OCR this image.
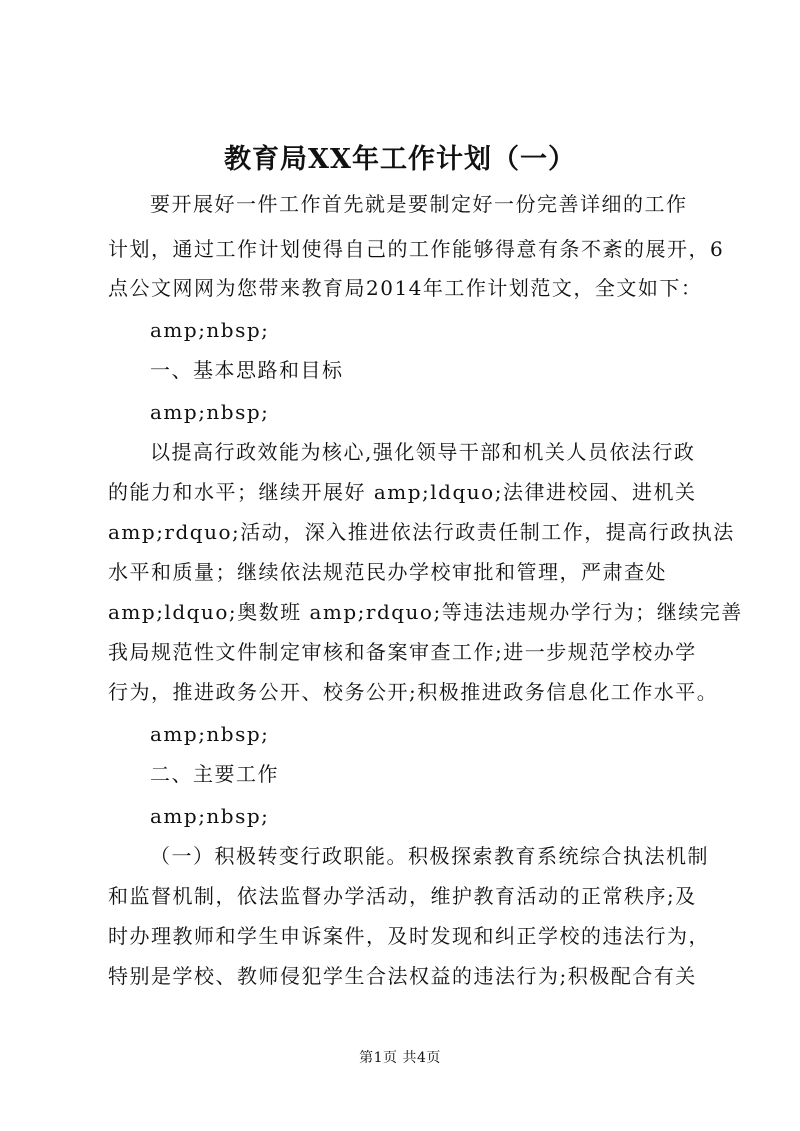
教育局XX年工作计划（一）
要开展好一件工作首先就是要制定好一份完善详细的工作
计划，通过工作计划使得自己的工作能够得意有条不紊的展开，6
点公文网网为您带来教育局2014年工作计划范文，全文如下：
amp;nbsp;
一、基本思路和目标
amp;nbsp;
以提高行政效能为核心,强化领导干部和机关人员依法行政
的能力和水平；继续开展好 amp;ldquo;法律进校园、进机关
amp;rdquo;活动，深入推进依法行政责任制工作，提高行政执法
水平和质量；继续依法规范民办学校审批和管理，严肃查处
amp;ldquo;奥数班 amp;rdquo;等违法违规办学行为；继续完善
我局规范性文件制定审核和备案审查工作;进一步规范学校办学
行为，推进政务公开、校务公开;积极推进政务信息化工作水平。
amp;nbsp;
二、主要工作
amp;nbsp;
（一）积极转变行政职能。积极探索教育系统综合执法机制
和监督机制，依法监督办学活动，维护教育活动的正常秩序;及
时办理教师和学生申诉案件，及时发现和纠正学校的违法行为，
特别是学校、教师侵犯学生合法权益的违法行为;积极配合有关
第1页 共4页
